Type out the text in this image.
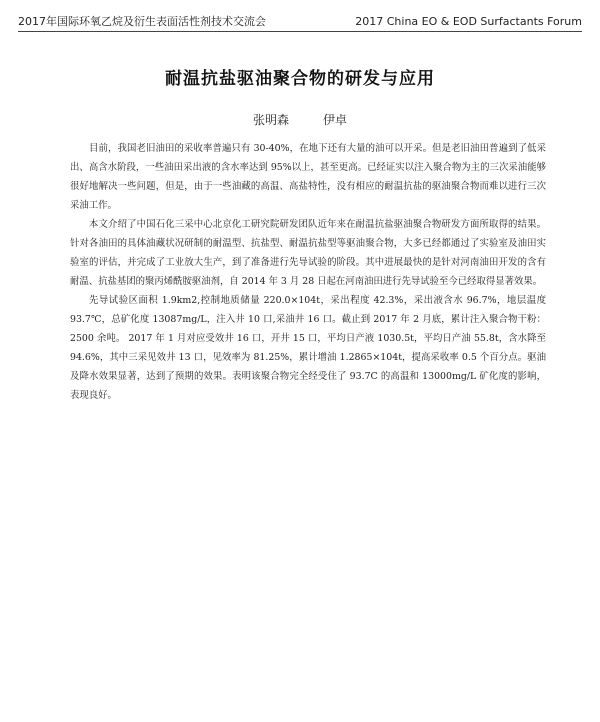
2017年国际环氧乙烷及衍生表面活性剂技术交流会	2017 China EO & EOD Surfactants Forum
耐温抗盐驱油聚合物的研发与应用
张明森	伊卓

目前，我国老旧油田的采收率普遍只有 30-40%，在地下还有大量的油可以开采。但是老旧油田普遍到了低采出、高含水阶段，一些油田采出液的含水率达到 95%以上，甚至更高。已经证实以注入聚合物为主的三次采油能够很好地解决一些问题，但是，由于一些油藏的高温、高盐特性，没有相应的耐温抗盐的驱油聚合物而难以进行三次采油工作。

本文介绍了中国石化三采中心北京化工研究院研发团队近年来在耐温抗盐驱油聚合物研发方面所取得的结果。针对各油田的具体油藏状况研制的耐温型、抗盐型、耐温抗盐型等驱油聚合物，大多已经都通过了实验室及油田实验室的评估，并完成了工业放大生产，到了准备进行先导试验的阶段。其中进展最快的是针对河南油田开发的含有耐温、抗盐基团的聚丙烯酰胺驱油剂，自 2014 年 3 月 28 日起在河南油田进行先导试验至今已经取得显著效果。

先导试验区面积 1.9km2,控制地质储量 220.0×104t，采出程度 42.3%，采出液含水 96.7%，地层温度 93.7℃，总矿化度 13087mg/L，注入井 10 口,采油井 16 口。截止到 2017 年 2 月底，累计注入聚合物干粉：2500 余吨。 2017 年 1 月对应受效井 16 口，开井 15 口，平均日产液 1030.5t，平均日产油 55.8t，含水降至 94.6%，其中三采见效井 13 口，见效率为 81.25%，累计增油 1.2865×104t，提高采收率 0.5 个百分点。驱油及降水效果显著，达到了预期的效果。表明该聚合物完全经受住了 93.7C 的高温和 13000mg/L 矿化度的影响，表现良好。
